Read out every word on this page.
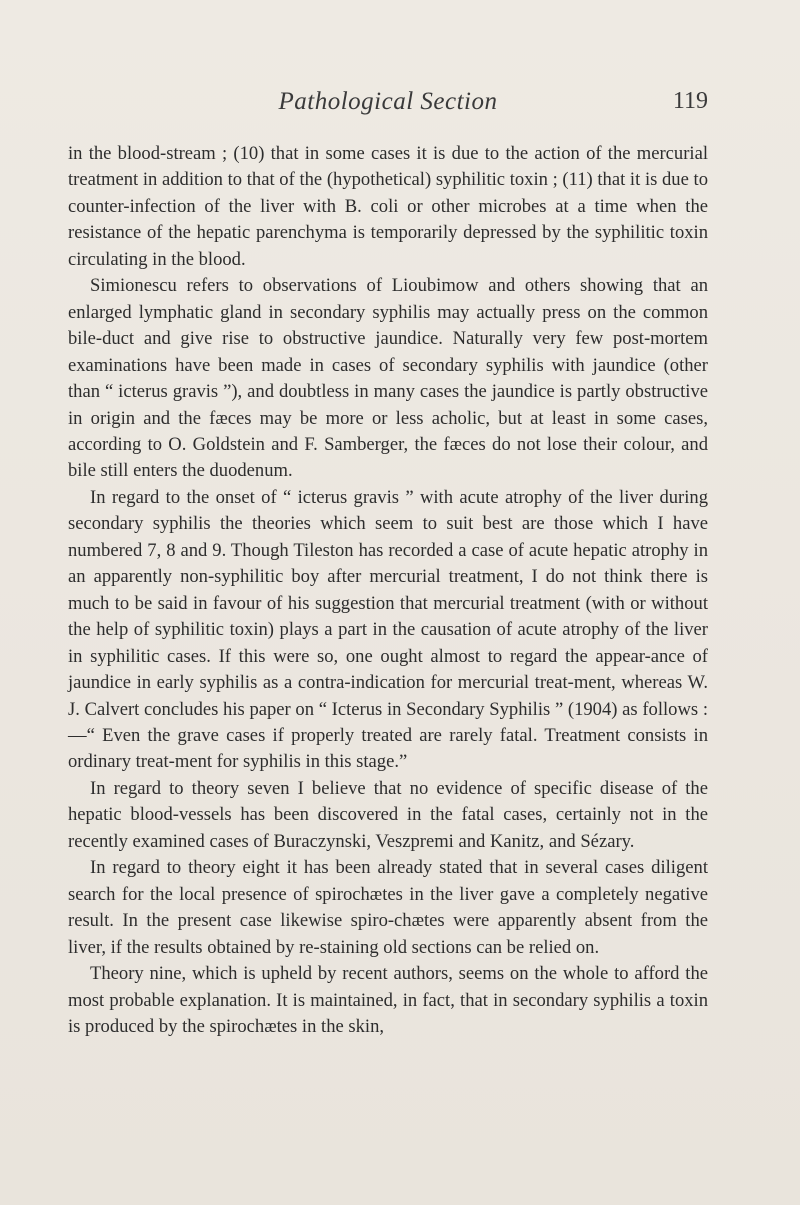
Pathological Section	119

in the blood-stream ; (10) that in some cases it is due to the action of the mercurial treatment in addition to that of the (hypothetical) syphilitic toxin ; (11) that it is due to counter-infection of the liver with B. coli or other microbes at a time when the resistance of the hepatic parenchyma is temporarily depressed by the syphilitic toxin circulating in the blood.

Simionescu refers to observations of Lioubimow and others showing that an enlarged lymphatic gland in secondary syphilis may actually press on the common bile-duct and give rise to obstructive jaundice. Naturally very few post-mortem examinations have been made in cases of secondary syphilis with jaundice (other than “ icterus gravis ”), and doubtless in many cases the jaundice is partly obstructive in origin and the fæces may be more or less acholic, but at least in some cases, according to O. Goldstein and F. Samberger, the fæces do not lose their colour, and bile still enters the duodenum.

In regard to the onset of “ icterus gravis ” with acute atrophy of the liver during secondary syphilis the theories which seem to suit best are those which I have numbered 7, 8 and 9. Though Tileston has recorded a case of acute hepatic atrophy in an apparently non-syphilitic boy after mercurial treatment, I do not think there is much to be said in favour of his suggestion that mercurial treatment (with or without the help of syphilitic toxin) plays a part in the causation of acute atrophy of the liver in syphilitic cases. If this were so, one ought almost to regard the appear-ance of jaundice in early syphilis as a contra-indication for mercurial treat-ment, whereas W. J. Calvert concludes his paper on “ Icterus in Secondary Syphilis ” (1904) as follows :—“ Even the grave cases if properly treated are rarely fatal. Treatment consists in ordinary treat-ment for syphilis in this stage.”

In regard to theory seven I believe that no evidence of specific disease of the hepatic blood-vessels has been discovered in the fatal cases, certainly not in the recently examined cases of Buraczynski, Veszpremi and Kanitz, and Sézary.

In regard to theory eight it has been already stated that in several cases diligent search for the local presence of spirochætes in the liver gave a completely negative result. In the present case likewise spiro-chætes were apparently absent from the liver, if the results obtained by re-staining old sections can be relied on.

Theory nine, which is upheld by recent authors, seems on the whole to afford the most probable explanation. It is maintained, in fact, that in secondary syphilis a toxin is produced by the spirochætes in the skin,
